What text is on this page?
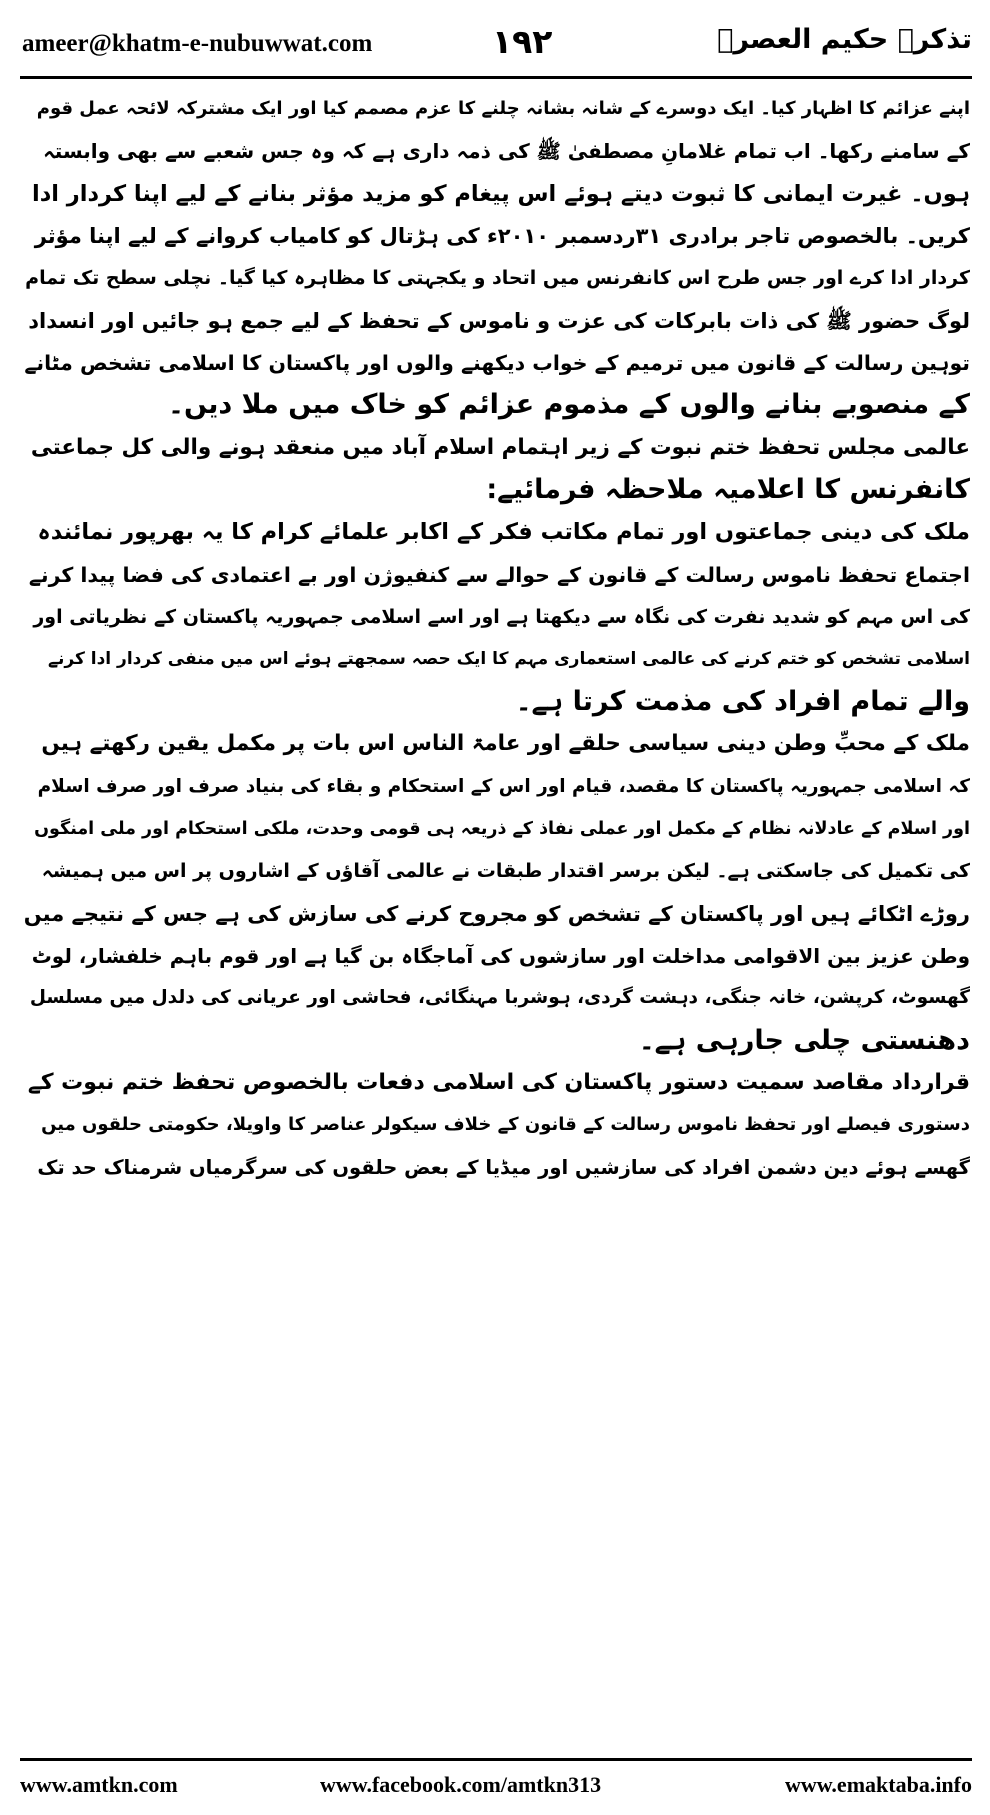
ameer@khatm-e-nubuwwat.com	۱۹۲	تذکرہ حکیم العصرؒ
اپنے عزائم کا اظہار کیا۔ ایک دوسرے کے شانہ بشانہ چلنے کا عزم مصمم کیا اور ایک مشترکہ لائحہ عمل قوم
کے سامنے رکھا۔ اب تمام غلامانِ مصطفیٰ ﷺ کی ذمہ داری ہے کہ وہ جس شعبے سے بھی وابستہ
ہوں۔ غیرت ایمانی کا ثبوت دیتے ہوئے اس پیغام کو مزید مؤثر بنانے کے لیے اپنا کردار ادا
کریں۔ بالخصوص تاجر برادری ۳۱ردسمبر ۲۰۱۰ء کی ہڑتال کو کامیاب کروانے کے لیے اپنا مؤثر
کردار ادا کرے اور جس طرح اس کانفرنس میں اتحاد و یکجہتی کا مظاہرہ کیا گیا۔ نچلی سطح تک تمام
لوگ حضور ﷺ کی ذات بابرکات کی عزت و ناموس کے تحفظ کے لیے جمع ہو جائیں اور انسداد
توہین رسالت کے قانون میں ترمیم کے خواب دیکھنے والوں اور پاکستان کا اسلامی تشخص مٹانے
کے منصوبے بنانے والوں کے مذموم عزائم کو خاک میں ملا دیں۔
عالمی مجلس تحفظ ختم نبوت کے زیر اہتمام اسلام آباد میں منعقد ہونے والی کل جماعتی
کانفرنس کا اعلامیہ ملاحظہ فرمائیے:
ملک کی دینی جماعتوں اور تمام مکاتب فکر کے اکابر علمائے کرام کا یہ بھرپور نمائندہ
اجتماع تحفظ ناموس رسالت کے قانون کے حوالے سے کنفیوژن اور بے اعتمادی کی فضا پیدا کرنے
کی اس مہم کو شدید نفرت کی نگاہ سے دیکھتا ہے اور اسے اسلامی جمہوریہ پاکستان کے نظریاتی اور
اسلامی تشخص کو ختم کرنے کی عالمی استعماری مہم کا ایک حصہ سمجھتے ہوئے اس میں منفی کردار ادا کرنے
والے تمام افراد کی مذمت کرتا ہے۔
ملک کے محبِّ وطن دینی سیاسی حلقے اور عامۃ الناس اس بات پر مکمل یقین رکھتے ہیں
کہ اسلامی جمہوریہ پاکستان کا مقصد، قیام اور اس کے استحکام و بقاء کی بنیاد صرف اور صرف اسلام
اور اسلام کے عادلانہ نظام کے مکمل اور عملی نفاذ کے ذریعہ ہی قومی وحدت، ملکی استحکام اور ملی امنگوں
کی تکمیل کی جاسکتی ہے۔ لیکن برسر اقتدار طبقات نے عالمی آقاؤں کے اشاروں پر اس میں ہمیشہ
روڑے اٹکائے ہیں اور پاکستان کے تشخص کو مجروح کرنے کی سازش کی ہے جس کے نتیجے میں
وطن عزیز بین الاقوامی مداخلت اور سازشوں کی آماجگاہ بن گیا ہے اور قوم باہم خلفشار، لوٹ
گھسوٹ، کرپشن، خانہ جنگی، دہشت گردی، ہوشربا مہنگائی، فحاشی اور عریانی کی دلدل میں مسلسل
دھنستی چلی جارہی ہے۔
قرارداد مقاصد سمیت دستور پاکستان کی اسلامی دفعات بالخصوص تحفظ ختم نبوت کے
دستوری فیصلے اور تحفظ ناموس رسالت کے قانون کے خلاف سیکولر عناصر کا واویلا، حکومتی حلقوں میں
گھسے ہوئے دین دشمن افراد کی سازشیں اور میڈیا کے بعض حلقوں کی سرگرمیاں شرمناک حد تک
www.amtkn.com	www.facebook.com/amtkn313	www.emaktaba.info
